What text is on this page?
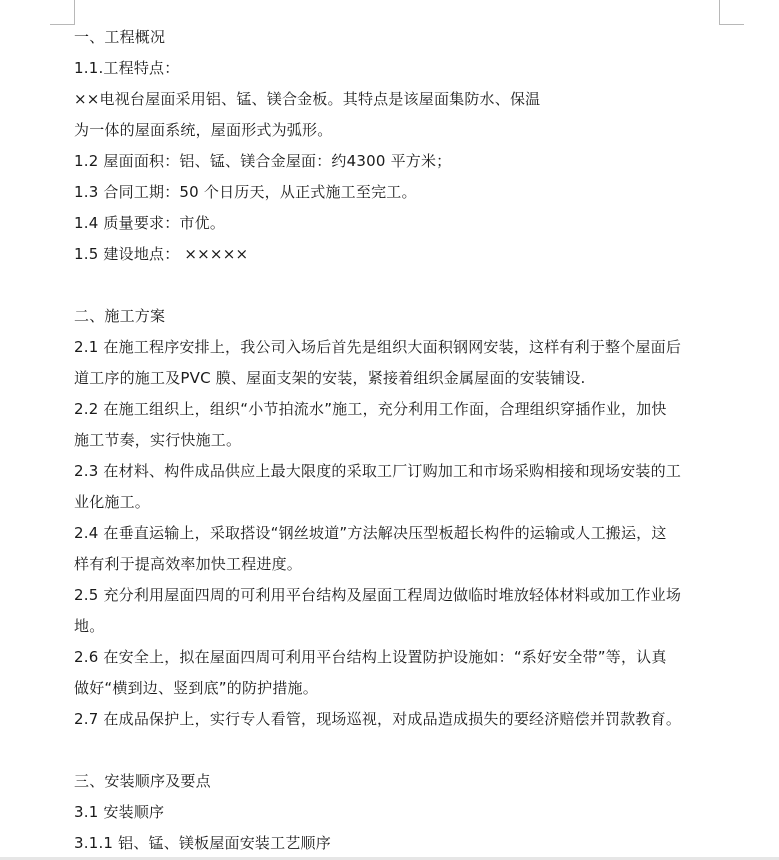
一、工程概况
1.1.工程特点：
××电视台屋面采用铝、锰、镁合金板。其特点是该屋面集防水、保温
为一体的屋面系统，屋面形式为弧形。
1.2 屋面面积：铝、锰、镁合金屋面：约4300 平方米；
1.3 合同工期：50 个日历天，从正式施工至完工。
1.4 质量要求：市优。
1.5 建设地点： ×××××
二、施工方案
2.1 在施工程序安排上，我公司入场后首先是组织大面积钢网安装，这样有利于整个屋面后
道工序的施工及PVC 膜、屋面支架的安装，紧接着组织金属屋面的安装铺设.
2.2 在施工组织上，组织“小节拍流水”施工，充分利用工作面，合理组织穿插作业，加快
施工节奏，实行快施工。
2.3 在材料、构件成品供应上最大限度的采取工厂订购加工和市场采购相接和现场安装的工
业化施工。
2.4 在垂直运输上，采取搭设“钢丝坡道”方法解决压型板超长构件的运输或人工搬运，这
样有利于提高效率加快工程进度。
2.5 充分利用屋面四周的可利用平台结构及屋面工程周边做临时堆放轻体材料或加工作业场
地。
2.6 在安全上，拟在屋面四周可利用平台结构上设置防护设施如：“系好安全带”等，认真
做好“横到边、竖到底”的防护措施。
2.7 在成品保护上，实行专人看管，现场巡视，对成品造成损失的要经济赔偿并罚款教育。
三、安装顺序及要点
3.1 安装顺序
3.1.1 铝、锰、镁板屋面安装工艺顺序
